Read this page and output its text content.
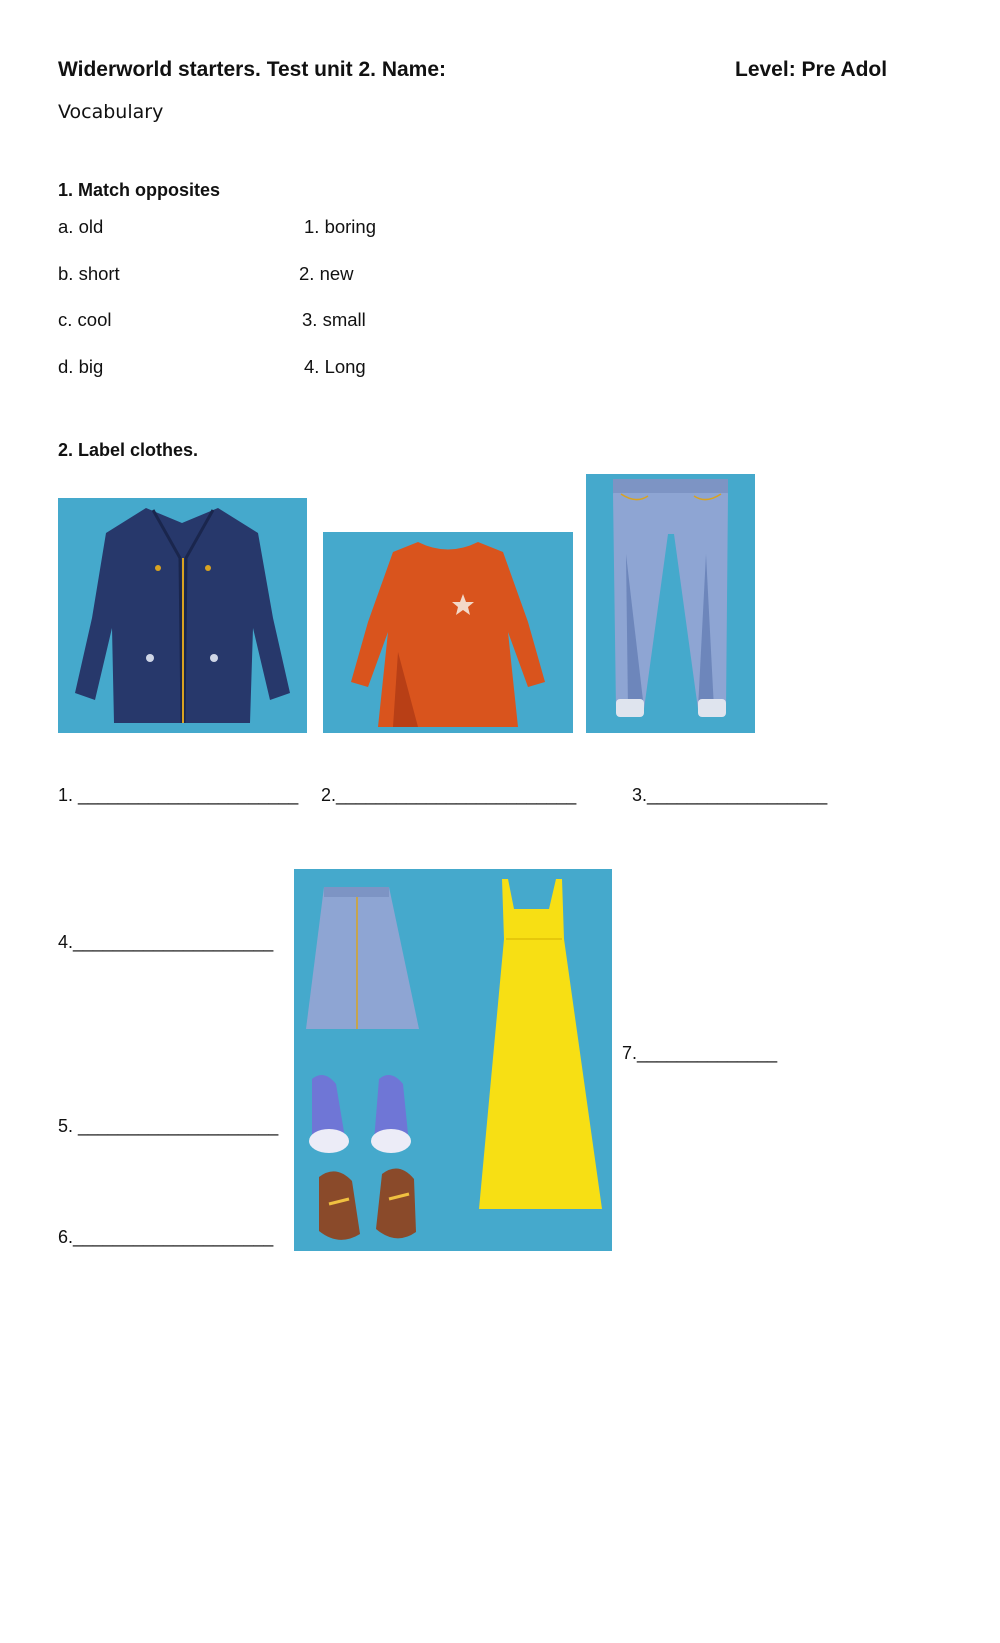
Widerworld starters. Test unit 2. Name:	Level: Pre Adol
Vocabulary
1. Match opposites
a. old
b. short
c. cool
d. big
1. boring
2. new
3. small
4. Long
2. Label clothes.
1. ______________________ 2.________________________	3.__________________
4.____________________
5. ____________________
6.____________________
7.______________
